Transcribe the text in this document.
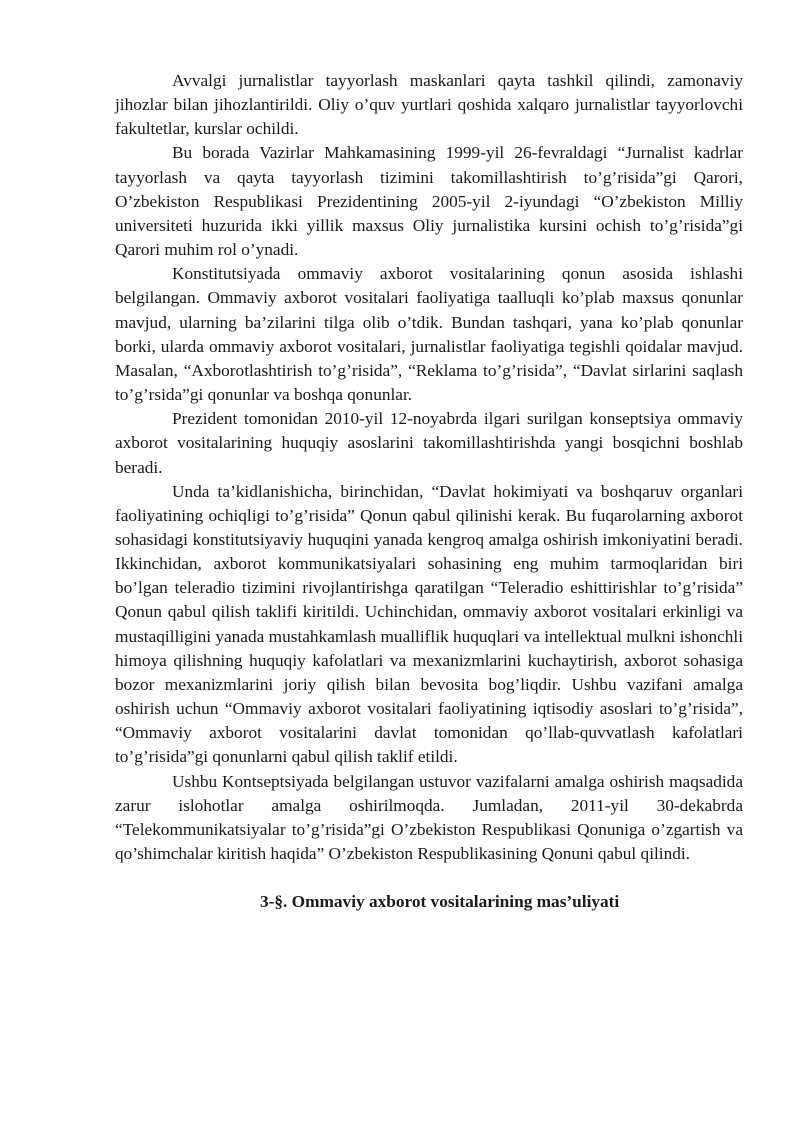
Avvalgi jurnalistlar tayyorlash maskanlari qayta tashkil qilindi, zamonaviy jihozlar bilan jihozlantirildi. Oliy o’quv yurtlari qoshida xalqaro jurnalistlar tayyorlovchi fakultetlar, kurslar ochildi.

Bu borada Vazirlar Mahkamasining 1999-yil 26-fevraldagi “Jurnalist kadrlar tayyorlash va qayta tayyorlash tizimini takomillashtirish to’g’risida”gi Qarori, O’zbekiston Respublikasi Prezidentining 2005-yil 2-iyundagi “O’zbekiston Milliy universiteti huzurida ikki yillik maxsus Oliy jurnalistika kursini ochish to’g’risida”gi Qarori muhim rol o’ynadi.

Konstitutsiyada ommaviy axborot vositalarining qonun asosida ishlashi belgilangan. Ommaviy axborot vositalari faoliyatiga taalluqli ko’plab maxsus qonunlar mavjud, ularning ba’zilarini tilga olib o’tdik. Bundan tashqari, yana ko’plab qonunlar borki, ularda ommaviy axborot vositalari, jurnalistlar faoliyatiga tegishli qoidalar mavjud. Masalan, “Axborotlashtirish to’g’risida”, “Reklama to’g’risida”, “Davlat sirlarini saqlash to’g’rsida”gi qonunlar va boshqa qonunlar.

Prezident tomonidan 2010-yil 12-noyabrda ilgari surilgan konseptsiya ommaviy axborot vositalarining huquqiy asoslarini takomillashtirishda yangi bosqichni boshlab beradi.

Unda ta’kidlanishicha, birinchidan, “Davlat hokimiyati va boshqaruv organlari faoliyatining ochiqligi to’g’risida” Qonun qabul qilinishi kerak. Bu fuqarolarning axborot sohasidagi konstitutsiyaviy huquqini yanada kengroq amalga oshirish imkoniyatini beradi. Ikkinchidan, axborot kommunikatsiyalari sohasining eng muhim tarmoqlaridan biri bo’lgan teleradio tizimini rivojlantirishga qaratilgan “Teleradio eshittirishlar to’g’risida” Qonun qabul qilish taklifi kiritildi. Uchinchidan, ommaviy axborot vositalari erkinligi va mustaqilligini yanada mustahkamlash mualliflik huquqlari va intellektual mulkni ishonchli himoya qilishning huquqiy kafolatlari va mexanizmlarini kuchaytirish, axborot sohasiga bozor mexanizmlarini joriy qilish bilan bevosita bog’liqdir. Ushbu vazifani amalga oshirish uchun “Ommaviy axborot vositalari faoliyatining iqtisodiy asoslari to’g’risida”, “Ommaviy axborot vositalarini davlat tomonidan qo’llab-quvvatlash kafolatlari to’g’risida”gi qonunlarni qabul qilish taklif etildi.

Ushbu Kontseptsiyada belgilangan ustuvor vazifalarni amalga oshirish maqsadida zarur islohotlar amalga oshirilmoqda. Jumladan, 2011-yil 30-dekabrda “Telekommunikatsiyalar to’g’risida”gi O’zbekiston Respublikasi Qonuniga o’zgartish va qo’shimchalar kiritish haqida” O’zbekiston Respublikasining Qonuni qabul qilindi.

3-§. Ommaviy axborot vositalarining mas’uliyati
